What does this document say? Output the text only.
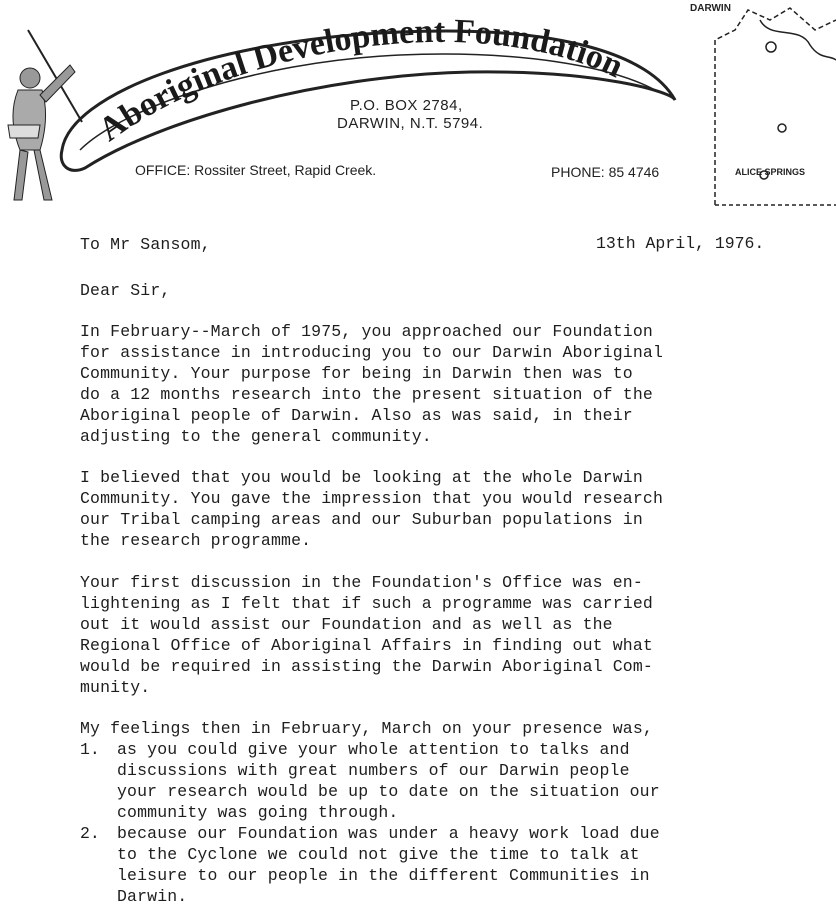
Aboriginal Development Foundation
P.O. BOX 2784,
DARWIN, N.T. 5794.
OFFICE: Rossiter Street, Rapid Creek.	PHONE: 85 4746
DARWIN
ALICE SPRINGS
To Mr Sansom,	13th April, 1976.
Dear Sir,
In February--March of 1975, you approached our Foundation
for assistance in introducing you to our Darwin Aboriginal
Community. Your purpose for being in Darwin then was to
do a 12 months research into the present situation of the
Aboriginal people of Darwin. Also as was said, in their
adjusting to the general community.
I believed that you would be looking at the whole Darwin
Community. You gave the impression that you would research
our Tribal camping areas and our Suburban populations in
the research programme.
Your first discussion in the Foundation's Office was en-
lightening as I felt that if such a programme was carried
out it would assist our Foundation and as well as the
Regional Office of Aboriginal Affairs in finding out what
would be required in assisting the Darwin Aboriginal Com-
munity.
My feelings then in February, March on your presence was,
1. as you could give your whole attention to talks and
discussions with great numbers of our Darwin people
your research would be up to date on the situation our
community was going through.
2. because our Foundation was under a heavy work load due
to the Cyclone we could not give the time to talk at
leisure to our people in the different Communities in
Darwin.
